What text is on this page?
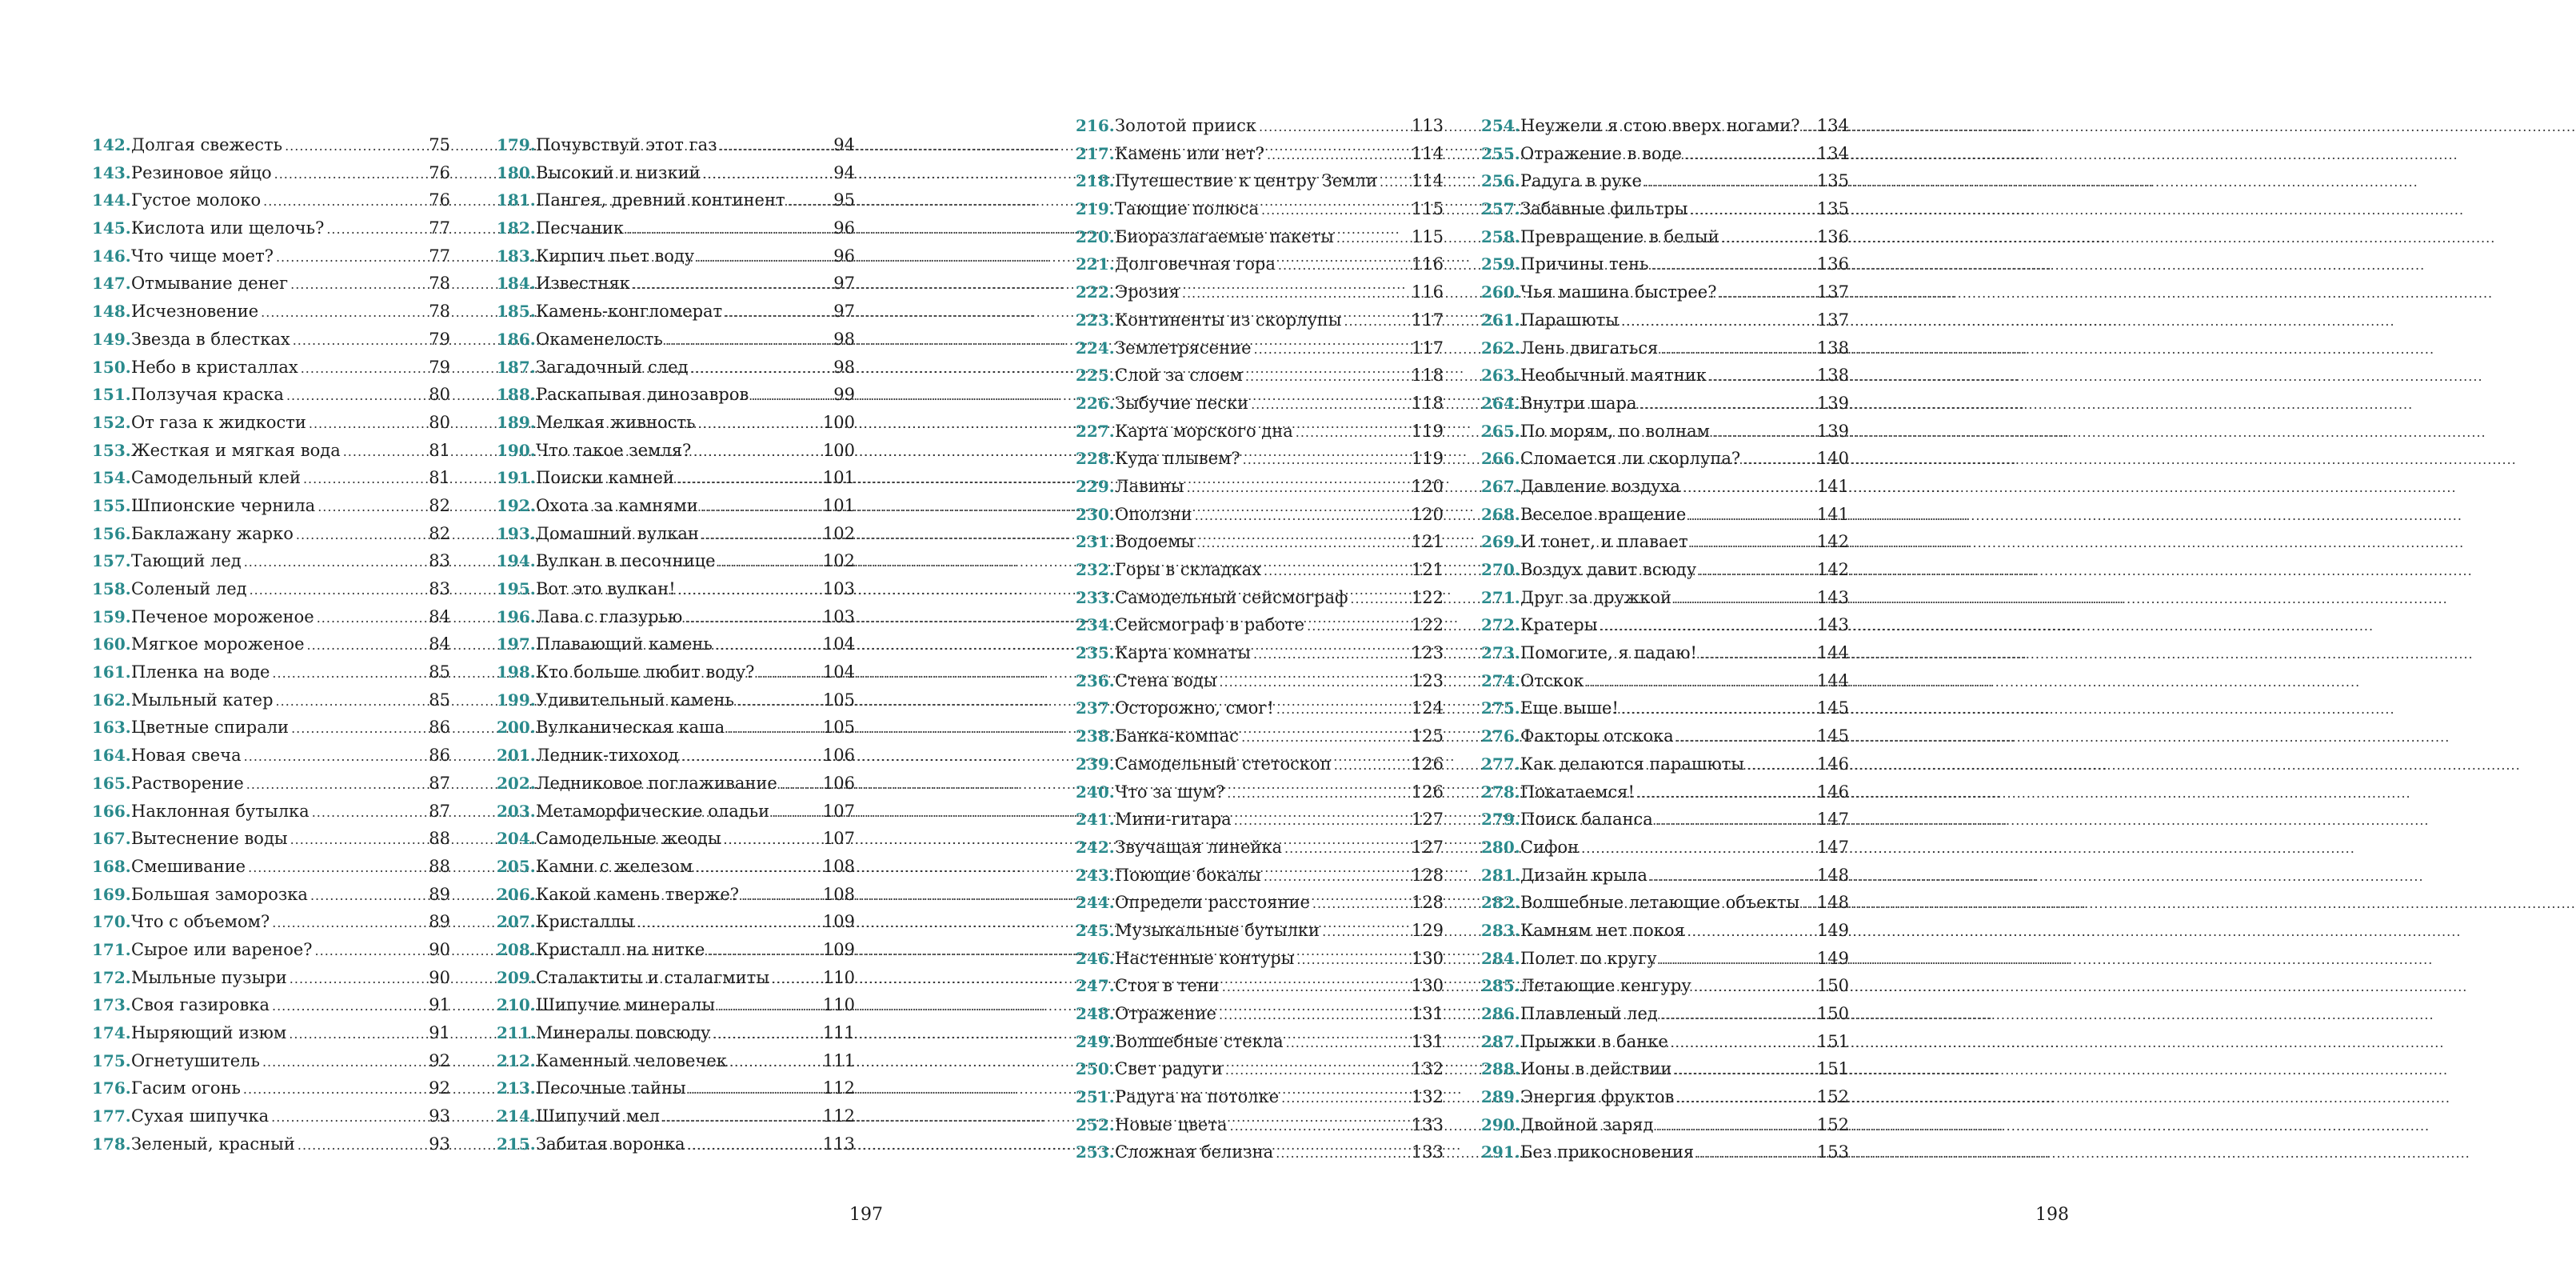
142. Долгая свежесть .....	75
143. Резиновое яйцо .....	76
144. Густое молоко .....	76
145. Кислота или щелочь? .....	77
146. Что чище моет? .....	77
147. Отмывание денег .....	78
148. Исчезновение .....	78
149. Звезда в блестках .....	79
150. Небо в кристаллах .....	79
151. Ползучая краска .....	80
152. От газа к жидкости .....	80
153. Жесткая и мягкая вода .....	81
154. Самодельный клей .....	81
155. Шпионские чернила .....	82
156. Баклажану жарко .....	82
157. Тающий лед .....	83
158. Соленый лед .....	83
159. Печеное мороженое .....	84
160. Мягкое мороженое .....	84
161. Пленка на воде .....	85
162. Мыльный катер .....	85
163. Цветные спирали .....	86
164. Новая свеча .....	86
165. Растворение .....	87
166. Наклонная бутылка .....	87
167. Вытеснение воды .....	88
168. Смешивание .....	88
169. Большая заморозка .....	89
170. Что с объемом? .....	89
171. Сырое или вареное? .....	90
172. Мыльные пузыри .....	90
173. Своя газировка .....	91
174. Ныряющий изюм .....	91
175. Огнетушитель .....	92
176. Гасим огонь .....	92
177. Сухая шипучка .....	93
178. Зеленый, красный .....	93
179. Почувствуй этот газ .....	94
180. Высокий и низкий .....	94
181. Пангея, древний континент .....	95
182. Песчаник .....	96
183. Кирпич пьет воду .....	96
184. Известняк .....	97
185. Камень-конгломерат .....	97
186. Окаменелость .....	98
187. Загадочный след .....	98
188. Раскапывая динозавров .....	99
189. Мелкая живность .....	100
190. Что такое земля? .....	100
191. Поиски камней .....	101
192. Охота за камнями .....	101
193. Домашний вулкан .....	102
194. Вулкан в песочнице .....	102
195. Вот это вулкан! .....	103
196. Лава с глазурью .....	103
197. Плавающий камень .....	104
198. Кто больше любит воду? .....	104
199. Удивительный камень .....	105
200. Вулканическая каша .....	105
201. Ледник-тихоход .....	106
202. Ледниковое поглаживание .....	106
203. Метаморфические оладьи .....	107
204. Самодельные жеоды .....	107
205. Камни с железом .....	108
206. Какой камень тверже? .....	108
207. Кристаллы .....	109
208. Кристалл на нитке .....	109
209. Сталактиты и сталагмиты .....	110
210. Шипучие минералы .....	110
211. Минералы повсюду .....	111
212. Каменный человечек .....	111
213. Песочные тайны .....	112
214. Шипучий мел .....	112
215. Забитая воронка .....	113
197
216. Золотой прииск .....	113
217. Камень или нет? .....	114
218. Путешествие к центру Земли ..... 114
219. Тающие полюса .....	115
220. Биоразлагаемые пакеты .....	115
221. Долговечная гора .....	116
222. Эрозия .....	116
223. Континенты из скорлупы .....	117
224. Землетрясение .....	117
225. Слой за слоем .....	118
226. Зыбучие пески .....	118
227. Карта морского дна .....	119
228. Куда плывем? .....	119
229. Лавины .....	120
230. Оползни .....	120
231. Водоемы .....	121
232. Горы в складках .....	121
233. Самодельный сейсмограф .....	122
234. Сейсмограф в работе .....	122
235. Карта комнаты .....	123
236. Стена воды .....	123
237. Осторожно, смог! .....	124
238. Банка-компас .....	125
239. Самодельный стетоскоп .....	126
240. Что за шум? .....	126
241. Мини-гитара .....	127
242. Звучащая линейка .....	127
243. Поющие бокалы .....	128
244. Определи расстояние .....	128
245. Музыкальные бутылки .....	129
246. Настенные контуры .....	130
247. Стоя в тени .....	130
248. Отражение .....	131
249. Волшебные стекла .....	131
250. Свет радуги .....	132
251. Радуга на потолке .....	132
252. Новые цвета .....	133
253. Сложная белизна .....	133
254. Неужели я стою вверх ногами? ..... 134
255. Отражение в воде .....	134
256. Радуга в руке .....	135
257. Забавные фильтры .....	135
258. Превращение в белый .....	136
259. Причины тень .....	136
260. Чья машина быстрее? .....	137
261. Парашюты .....	137
262. Лень двигаться .....	138
263. Необычный маятник .....	138
264. Внутри шара .....	139
265. По морям, по волнам .....	139
266. Сломается ли скорлупа? .....	140
267. Давление воздуха .....	141
268. Веселое вращение .....	141
269. И тонет, и плавает .....	142
270. Воздух давит всюду .....	142
271. Друг за дружкой .....	143
272. Кратеры .....	143
273. Помогите, я падаю! .....	144
274. Отскок .....	144
275. Еще выше! .....	145
276. Факторы отскока .....	145
277. Как делаются парашюты .....	146
278. Покатаемся! .....	146
279. Поиск баланса .....	147
280. Сифон .....	147
281. Дизайн крыла .....	148
282. Волшебные летающие объекты ..... 148
283. Камням нет покоя .....	149
284. Полет по кругу .....	149
285. Летающие кенгуру .....	150
286. Плавленый лед .....	150
287. Прыжки в банке .....	151
288. Ионы в действии .....	151
289. Энергия фруктов .....	152
290. Двойной заряд .....	152
291. Без прикосновения .....	153
198
